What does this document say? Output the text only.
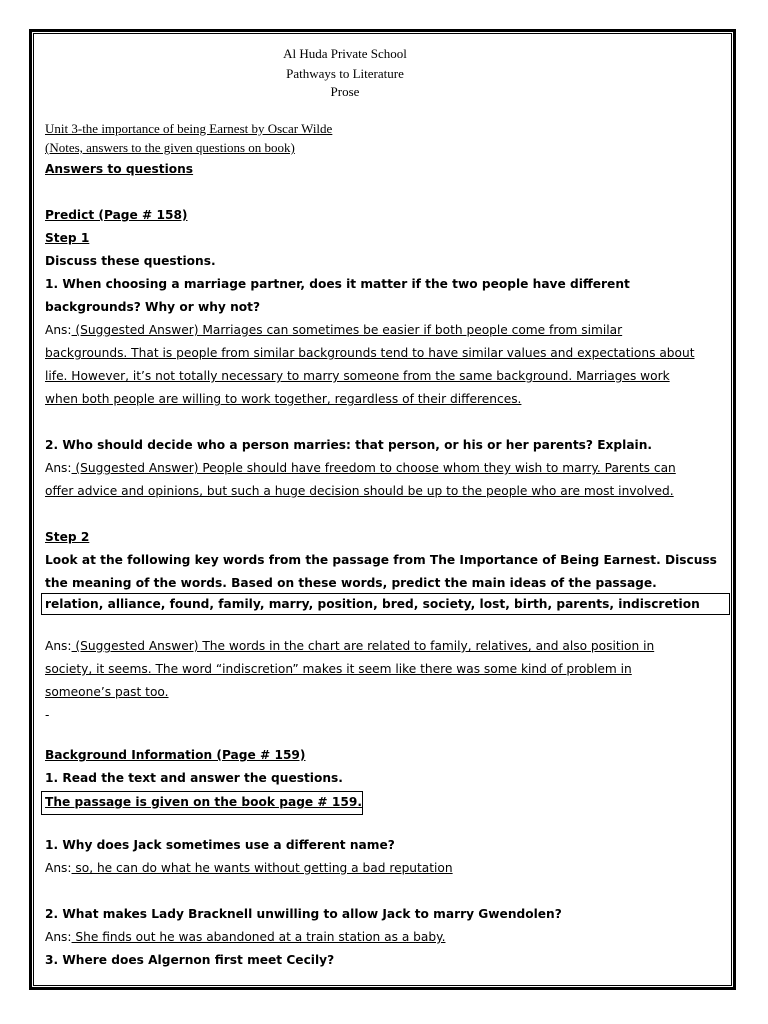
Al Huda Private School
Pathways to Literature
Prose
Unit 3-the importance of being Earnest by Oscar Wilde
(Notes, answers to the given questions on book)
Answers to questions
Predict (Page # 158)
Step 1
Discuss these questions.
1. When choosing a marriage partner, does it matter if the two people have different
backgrounds? Why or why not?
Ans: (Suggested Answer) Marriages can sometimes be easier if both people come from similar
backgrounds. That is people from similar backgrounds tend to have similar values and expectations about
life. However, it’s not totally necessary to marry someone from the same background. Marriages work
when both people are willing to work together, regardless of their differences.
2. Who should decide who a person marries: that person, or his or her parents? Explain.
Ans: (Suggested Answer) People should have freedom to choose whom they wish to marry. Parents can
offer advice and opinions, but such a huge decision should be up to the people who are most involved.
Step 2
Look at the following key words from the passage from The Importance of Being Earnest. Discuss
the meaning of the words. Based on these words, predict the main ideas of the passage.
relation, alliance, found, family, marry, position, bred, society, lost, birth, parents, indiscretion
Ans: (Suggested Answer) The words in the chart are related to family, relatives, and also position in
society, it seems. The word “indiscretion” makes it seem like there was some kind of problem in
someone’s past too.
-
Background Information (Page # 159)
1. Read the text and answer the questions.
The passage is given on the book page # 159.
1. Why does Jack sometimes use a different name?
Ans: so, he can do what he wants without getting a bad reputation
2. What makes Lady Bracknell unwilling to allow Jack to marry Gwendolen?
Ans: She finds out he was abandoned at a train station as a baby.
3. Where does Algernon first meet Cecily?
